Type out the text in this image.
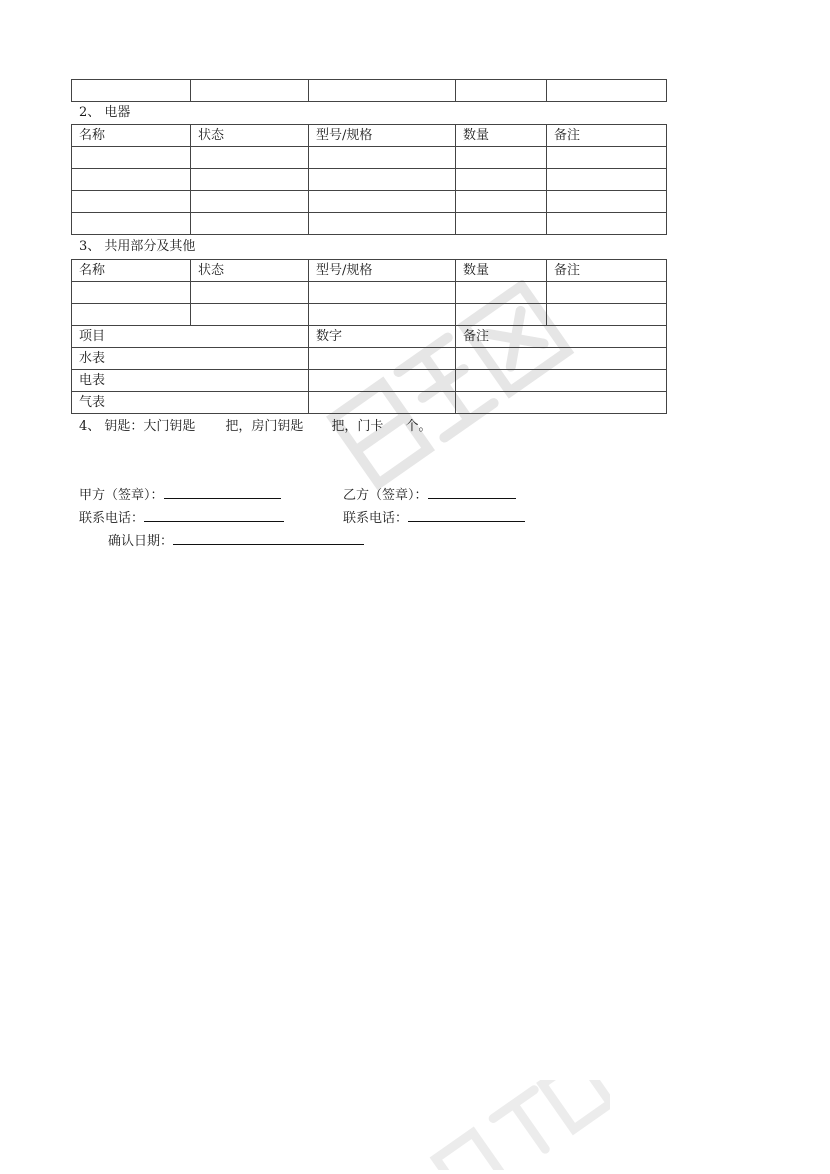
2、 电器
名称	状态	型号/规格	数量	备注

3、 共用部分及其他
名称	状态	型号/规格	数量	备注

项目		数字	备注	
水表				
电表				
气表				
4、 钥匙：大门钥匙 把，房门钥匙 把，门卡 个。
甲方（签章）：	乙方（签章）：
联系电话：	联系电话：
确认日期：
